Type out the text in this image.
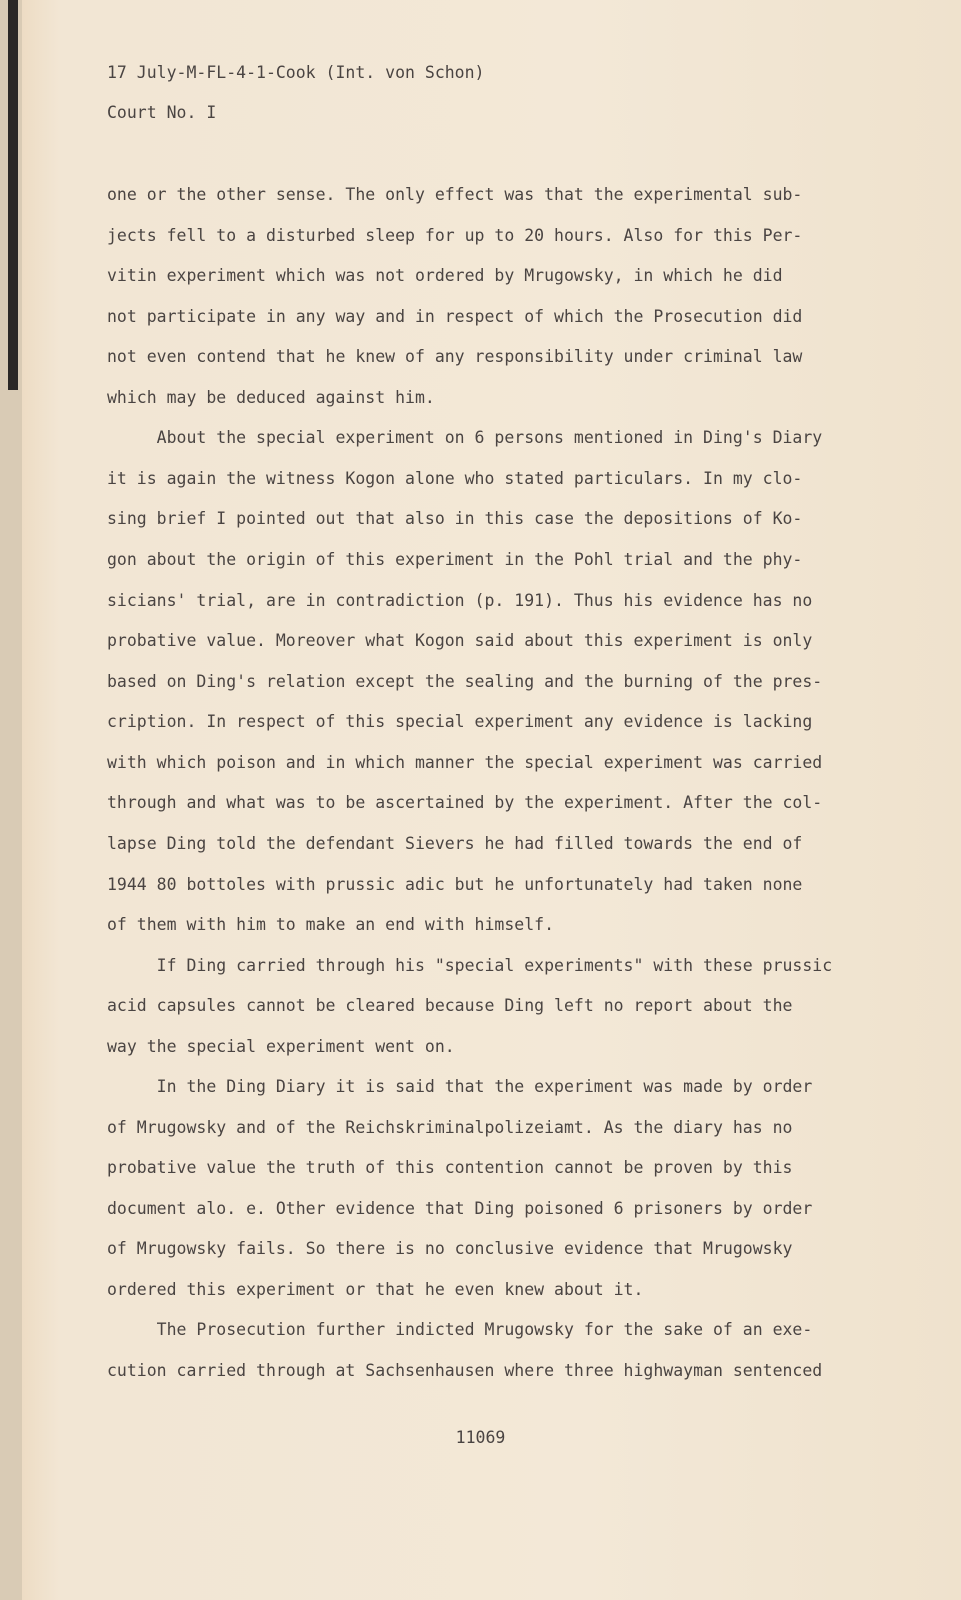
17 July-M-FL-4-1-Cook (Int. von Schon)
Court No. I
one or the other sense. The only effect was that the experimental sub-
jects fell to a disturbed sleep for up to 20 hours. Also for this Per-
vitin experiment which was not ordered by Mrugowsky, in which he did
not participate in any way and in respect of which the Prosecution did
not even contend that he knew of any responsibility under criminal law
which may be deduced against him.
About the special experiment on 6 persons mentioned in Ding's Diary
it is again the witness Kogon alone who stated particulars. In my clo-
sing brief I pointed out that also in this case the depositions of Ko-
gon about the origin of this experiment in the Pohl trial and the phy-
sicians' trial, are in contradiction (p. 191). Thus his evidence has no
probative value. Moreover what Kogon said about this experiment is only
based on Ding's relation except the sealing and the burning of the pres-
cription. In respect of this special experiment any evidence is lacking
with which poison and in which manner the special experiment was carried
through and what was to be ascertained by the experiment. After the col-
lapse Ding told the defendant Sievers he had filled towards the end of
1944 80 bottoles with prussic adic but he unfortunately had taken none
of them with him to make an end with himself.
If Ding carried through his "special experiments" with these prussic
acid capsules cannot be cleared because Ding left no report about the
way the special experiment went on.
In the Ding Diary it is said that the experiment was made by order
of Mrugowsky and of the Reichskriminalpolizeiamt. As the diary has no
probative value the truth of this contention cannot be proven by this
document alo. e. Other evidence that Ding poisoned 6 prisoners by order
of Mrugowsky fails. So there is no conclusive evidence that Mrugowsky
ordered this experiment or that he even knew about it.
The Prosecution further indicted Mrugowsky for the sake of an exe-
cution carried through at Sachsenhausen where three highwayman sentenced
11069
